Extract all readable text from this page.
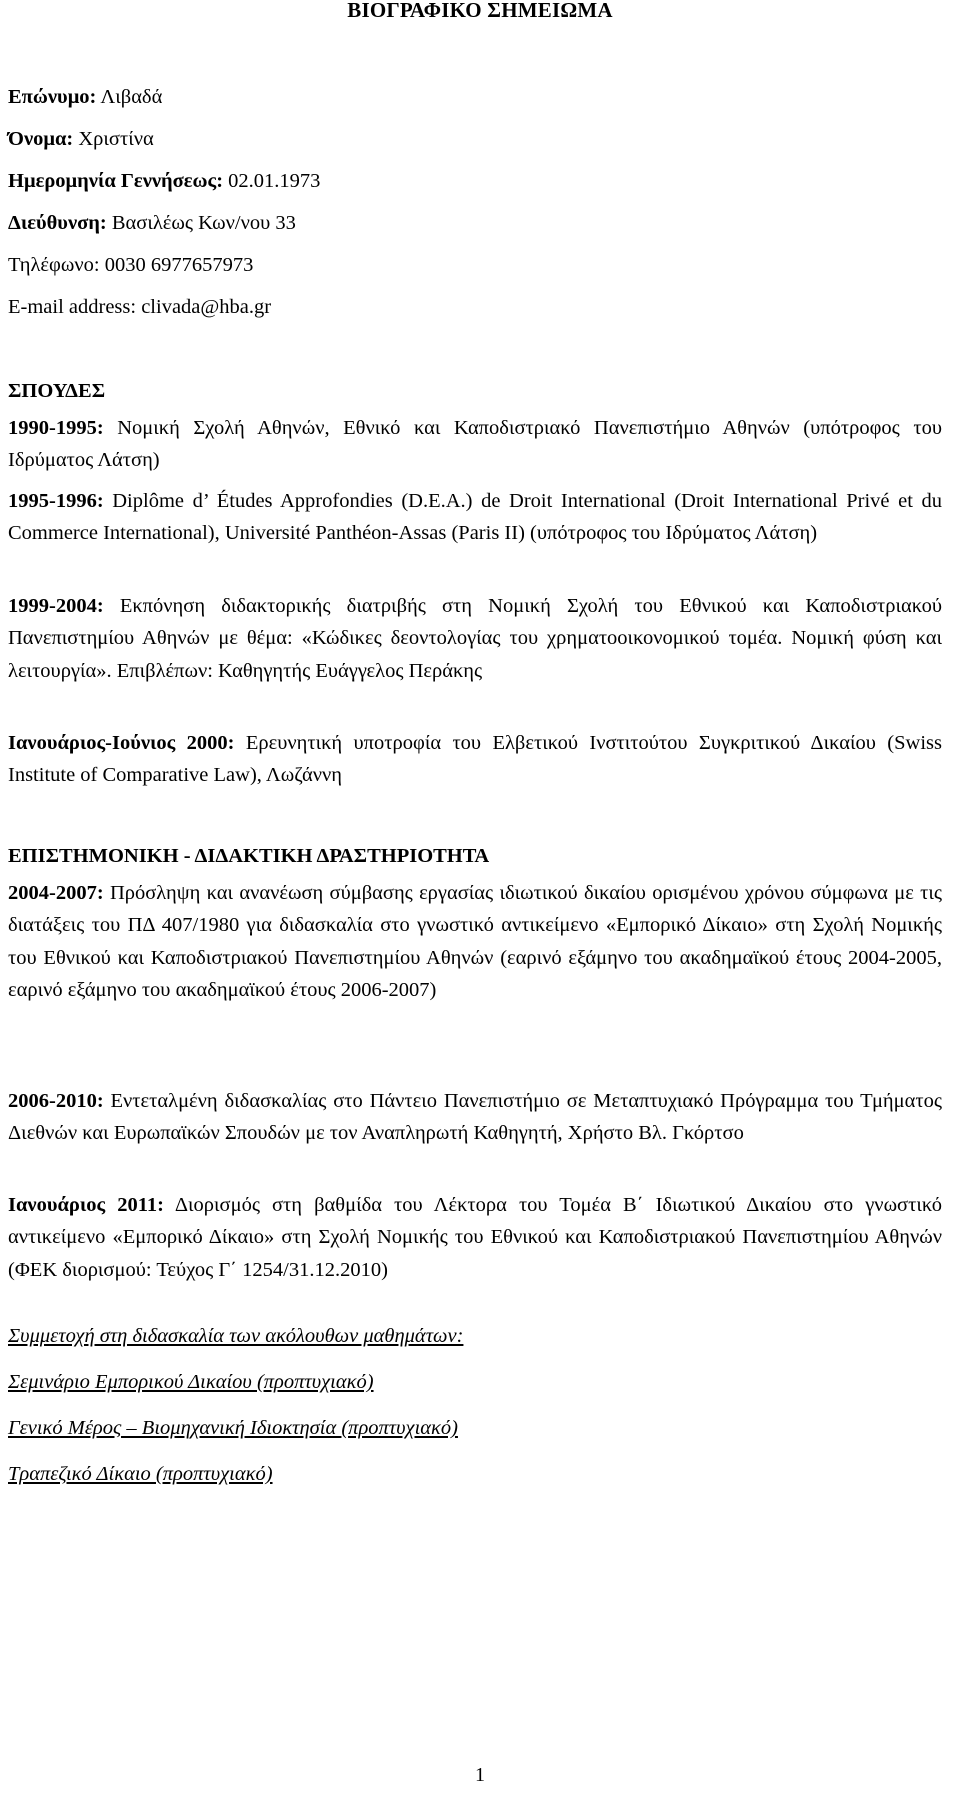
ΒΙΟΓΡΑΦΙΚΟ ΣΗΜΕΙΩΜΑ
Επώνυμο: Λιβαδά
Όνομα: Χριστίνα
Ημερομηνία Γεννήσεως: 02.01.1973
Διεύθυνση: Βασιλέως Κων/νου 33
Τηλέφωνο: 0030 6977657973
E-mail address: clivada@hba.gr
ΣΠΟΥΔΕΣ
1990-1995: Νομική Σχολή Αθηνών, Εθνικό και Καποδιστριακό Πανεπιστήμιο Αθηνών (υπότροφος του Ιδρύματος Λάτση)
1995-1996: Diplôme d’ Études Approfondies (D.E.A.) de Droit International (Droit International Privé et du Commerce International), Université Panthéon-Assas (Paris II) (υπότροφος του Ιδρύματος Λάτση)
1999-2004: Εκπόνηση διδακτορικής διατριβής στη Νομική Σχολή του Εθνικού και Καποδιστριακού Πανεπιστημίου Αθηνών με θέμα: «Κώδικες δεοντολογίας του χρηματοοικονομικού τομέα. Νομική φύση και λειτουργία». Επιβλέπων: Καθηγητής Ευάγγελος Περάκης
Ιανουάριος-Ιούνιος 2000: Ερευνητική υποτροφία του Ελβετικού Ινστιτούτου Συγκριτικού Δικαίου (Swiss Institute of Comparative Law), Λωζάννη
ΕΠΙΣΤΗΜΟΝΙΚΗ - ΔΙΔΑΚΤΙΚΗ ΔΡΑΣΤΗΡΙΟΤΗΤΑ
2004-2007: Πρόσληψη και ανανέωση σύμβασης εργασίας ιδιωτικού δικαίου ορισμένου χρόνου σύμφωνα με τις διατάξεις του ΠΔ 407/1980 για διδασκαλία στο γνωστικό αντικείμενο «Εμπορικό Δίκαιο» στη Σχολή Νομικής του Εθνικού και Καποδιστριακού Πανεπιστημίου Αθηνών (εαρινό εξάμηνο του ακαδημαϊκού έτους 2004-2005, εαρινό εξάμηνο του ακαδημαϊκού έτους 2006-2007)
2006-2010: Εντεταλμένη διδασκαλίας στο Πάντειο Πανεπιστήμιο σε Μεταπτυχιακό Πρόγραμμα του Τμήματος Διεθνών και Ευρωπαϊκών Σπουδών με τον Αναπληρωτή Καθηγητή, Χρήστο Βλ. Γκόρτσο
Ιανουάριος 2011: Διορισμός στη βαθμίδα του Λέκτορα του Τομέα Β΄ Ιδιωτικού Δικαίου στο γνωστικό αντικείμενο «Εμπορικό Δίκαιο» στη Σχολή Νομικής του Εθνικού και Καποδιστριακού Πανεπιστημίου Αθηνών (ΦΕΚ διορισμού: Τεύχος Γ΄ 1254/31.12.2010)
Συμμετοχή στη διδασκαλία των ακόλουθων μαθημάτων:
Σεμινάριο Εμπορικού Δικαίου (προπτυχιακό)
Γενικό Μέρος – Βιομηχανική Ιδιοκτησία (προπτυχιακό)
Τραπεζικό Δίκαιο (προπτυχιακό)
1
